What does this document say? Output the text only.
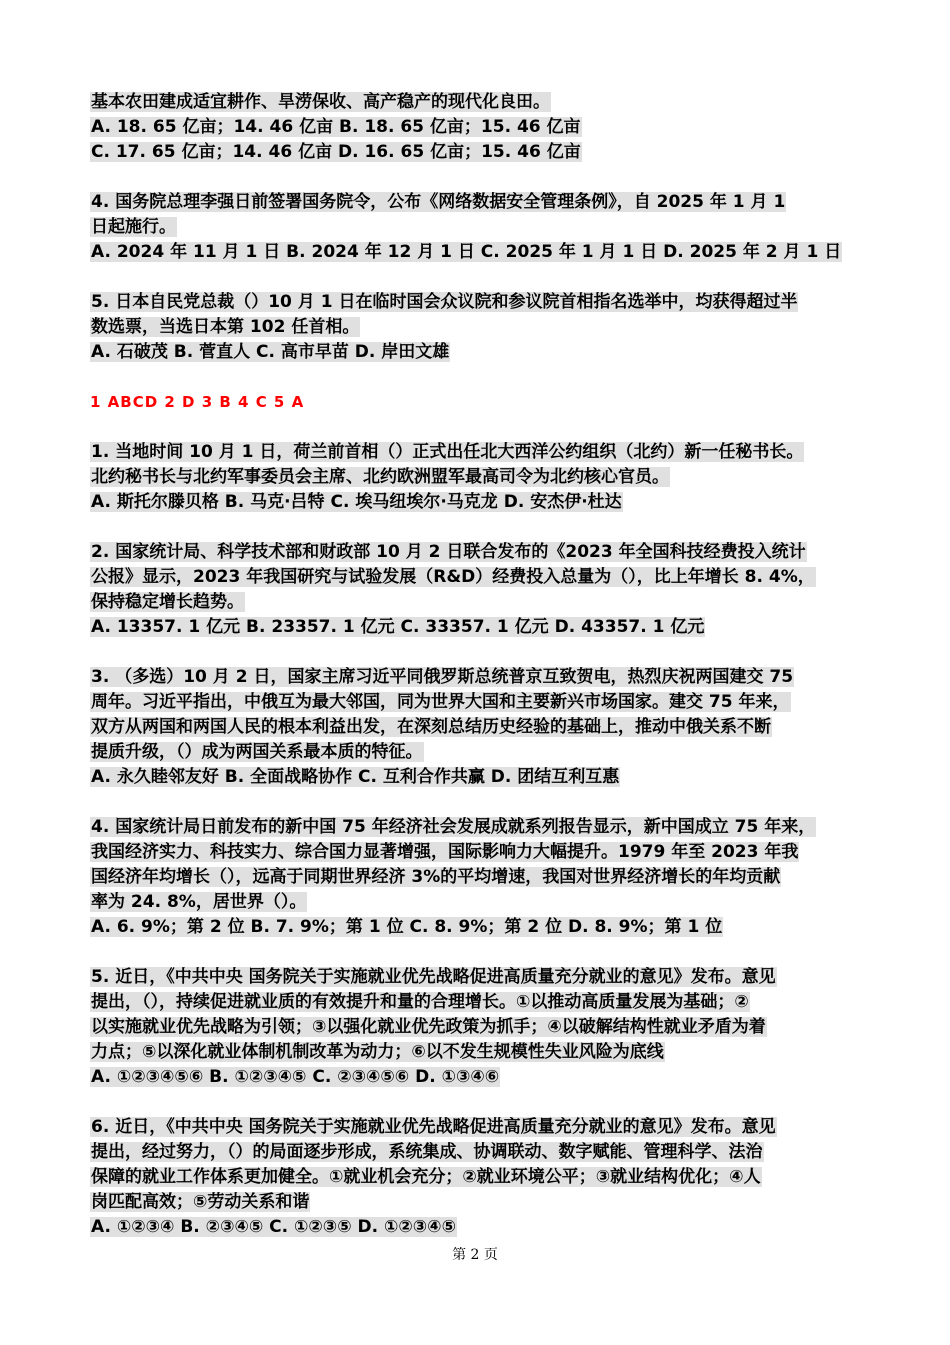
基本农田建成适宜耕作、旱涝保收、高产稳产的现代化良田。
A. 18. 65 亿亩；14. 46 亿亩 B. 18. 65 亿亩；15. 46 亿亩
C. 17. 65 亿亩；14. 46 亿亩 D. 16. 65 亿亩；15. 46 亿亩
4. 国务院总理李强日前签署国务院令，公布《网络数据安全管理条例》，自 2025 年 1 月 1
日起施行。
A. 2024 年 11 月 1 日 B. 2024 年 12 月 1 日 C. 2025 年 1 月 1 日 D. 2025 年 2 月 1 日
5. 日本自民党总裁（）10 月 1 日在临时国会众议院和参议院首相指名选举中，均获得超过半
数选票，当选日本第 102 任首相。
A. 石破茂 B. 菅直人 C. 高市早苗 D. 岸田文雄
1 ABCD 2 D 3 B 4 C 5 A
1. 当地时间 10 月 1 日，荷兰前首相（）正式出任北大西洋公约组织（北约）新一任秘书长。
北约秘书长与北约军事委员会主席、北约欧洲盟军最高司令为北约核心官员。
A. 斯托尔滕贝格 B. 马克·吕特 C. 埃马纽埃尔·马克龙 D. 安杰伊·杜达
2. 国家统计局、科学技术部和财政部 10 月 2 日联合发布的《2023 年全国科技经费投入统计
公报》显示，2023 年我国研究与试验发展（R&D）经费投入总量为（），比上年增长 8. 4%，
保持稳定增长趋势。
A. 13357. 1 亿元 B. 23357. 1 亿元 C. 33357. 1 亿元 D. 43357. 1 亿元
3. （多选）10 月 2 日，国家主席习近平同俄罗斯总统普京互致贺电，热烈庆祝两国建交 75
周年。习近平指出，中俄互为最大邻国，同为世界大国和主要新兴市场国家。建交 75 年来，
双方从两国和两国人民的根本利益出发，在深刻总结历史经验的基础上，推动中俄关系不断
提质升级，（）成为两国关系最本质的特征。
A. 永久睦邻友好 B. 全面战略协作 C. 互利合作共赢 D. 团结互利互惠
4. 国家统计局日前发布的新中国 75 年经济社会发展成就系列报告显示，新中国成立 75 年来，
我国经济实力、科技实力、综合国力显著增强，国际影响力大幅提升。1979 年至 2023 年我
国经济年均增长（），远高于同期世界经济 3%的平均增速，我国对世界经济增长的年均贡献
率为 24. 8%，居世界（）。
A. 6. 9%；第 2 位 B. 7. 9%；第 1 位 C. 8. 9%；第 2 位 D. 8. 9%；第 1 位
5. 近日，《中共中央 国务院关于实施就业优先战略促进高质量充分就业的意见》发布。意见
提出，（），持续促进就业质的有效提升和量的合理增长。①以推动高质量发展为基础；②
以实施就业优先战略为引领；③以强化就业优先政策为抓手；④以破解结构性就业矛盾为着
力点；⑤以深化就业体制机制改革为动力；⑥以不发生规模性失业风险为底线
A. ①②③④⑤⑥ B. ①②③④⑤ C. ②③④⑤⑥ D. ①③④⑥
6. 近日，《中共中央 国务院关于实施就业优先战略促进高质量充分就业的意见》发布。意见
提出，经过努力，（）的局面逐步形成，系统集成、协调联动、数字赋能、管理科学、法治
保障的就业工作体系更加健全。①就业机会充分；②就业环境公平；③就业结构优化；④人
岗匹配高效；⑤劳动关系和谐
A. ①②③④ B. ②③④⑤ C. ①②③⑤ D. ①②③④⑤
第 2 页
